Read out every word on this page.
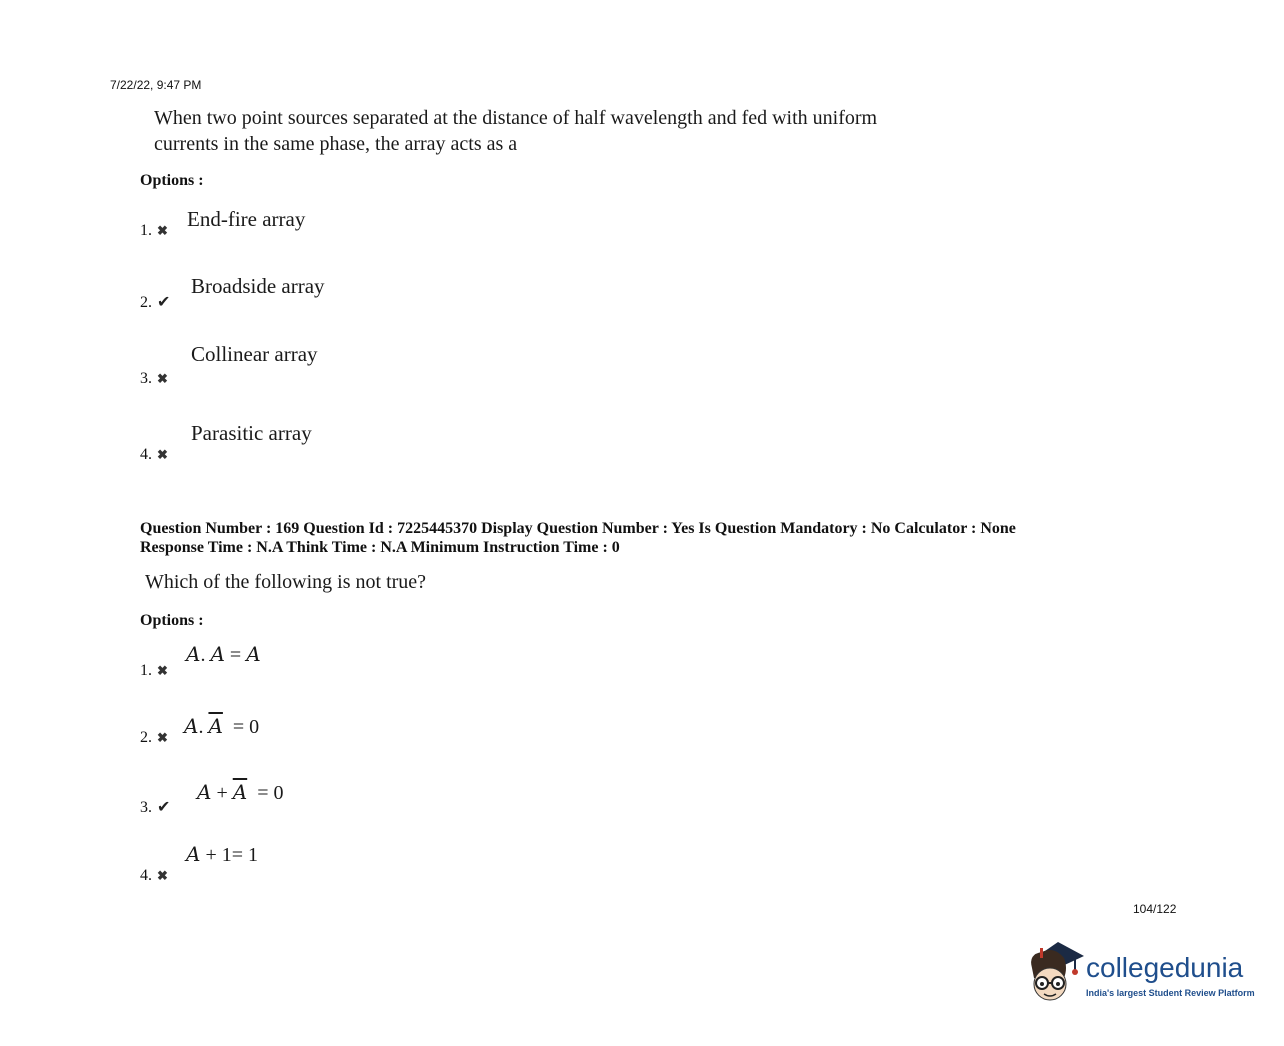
7/22/22, 9:47 PM
When two point sources separated at the distance of half wavelength and fed with uniform
currents in the same phase, the array acts as a
Options :
1. ✖ End-fire array
2. ✔
Broadside array
3. ✖
Collinear array
4. ✖
Parasitic array
Question Number : 169 Question Id : 7225445370 Display Question Number : Yes Is Question Mandatory : No Calculator : None
Response Time : N.A Think Time : N.A Minimum Instruction Time : 0
Which of the following is not true?
Options :
1. ✖
A. A = A
2. ✖ A. $\overline{A} = 0$
3. ✔
$A + \overline{A} = 0$
4. ✖
A + 1= 1
104/122
collegedunia
India's largest Student Review Platform
